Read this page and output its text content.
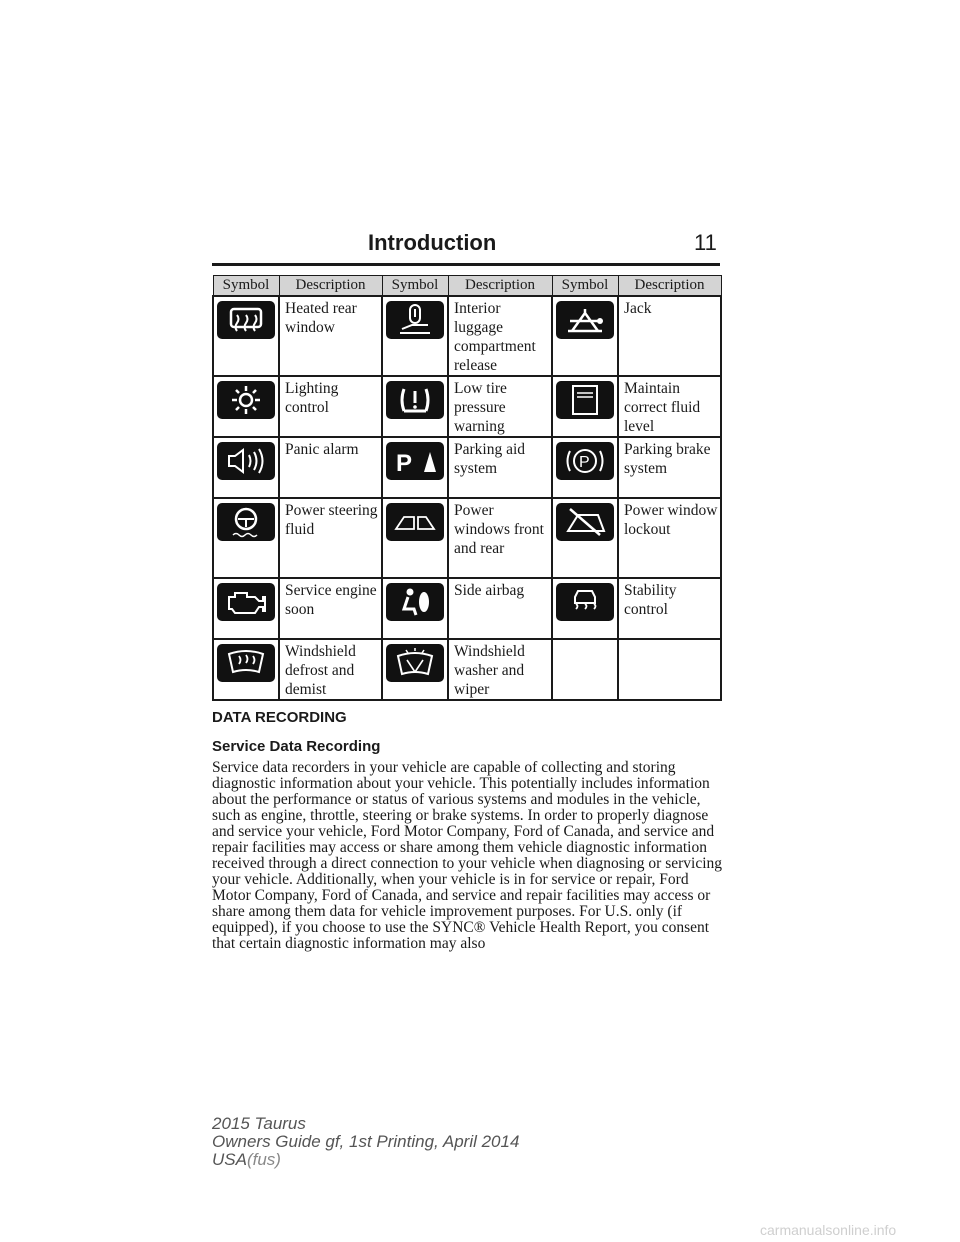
Introduction	11
Symbol	Description	Symbol	Description	Symbol	Description

	Heated rear window		Interior luggage compartment release		Jack

	Lighting control		Low tire pressure warning		Maintain correct fluid level

	Panic alarm	P	Parking aid system	P	Parking brake system

	Power steering fluid		Power windows front and rear		Power window lockout

	Service engine soon		Side airbag		Stability control

	Windshield defrost and demist		Windshield washer and wiper		
DATA RECORDING
Service Data Recording

Service data recorders in your vehicle are capable of collecting and storing diagnostic information about your vehicle. This potentially includes information about the performance or status of various systems and modules in the vehicle, such as engine, throttle, steering or brake systems. In order to properly diagnose and service your vehicle, Ford Motor Company, Ford of Canada, and service and repair facilities may access or share among them vehicle diagnostic information received through a direct connection to your vehicle when diagnosing or servicing your vehicle. Additionally, when your vehicle is in for service or repair, Ford Motor Company, Ford of Canada, and service and repair facilities may access or share among them data for vehicle improvement purposes. For U.S. only (if equipped), if you choose to use the SYNC® Vehicle Health Report, you consent that certain diagnostic information may also

2015 Taurus
Owners Guide gf, 1st Printing, April 2014
USA(fus)
carmanualsonline.info
